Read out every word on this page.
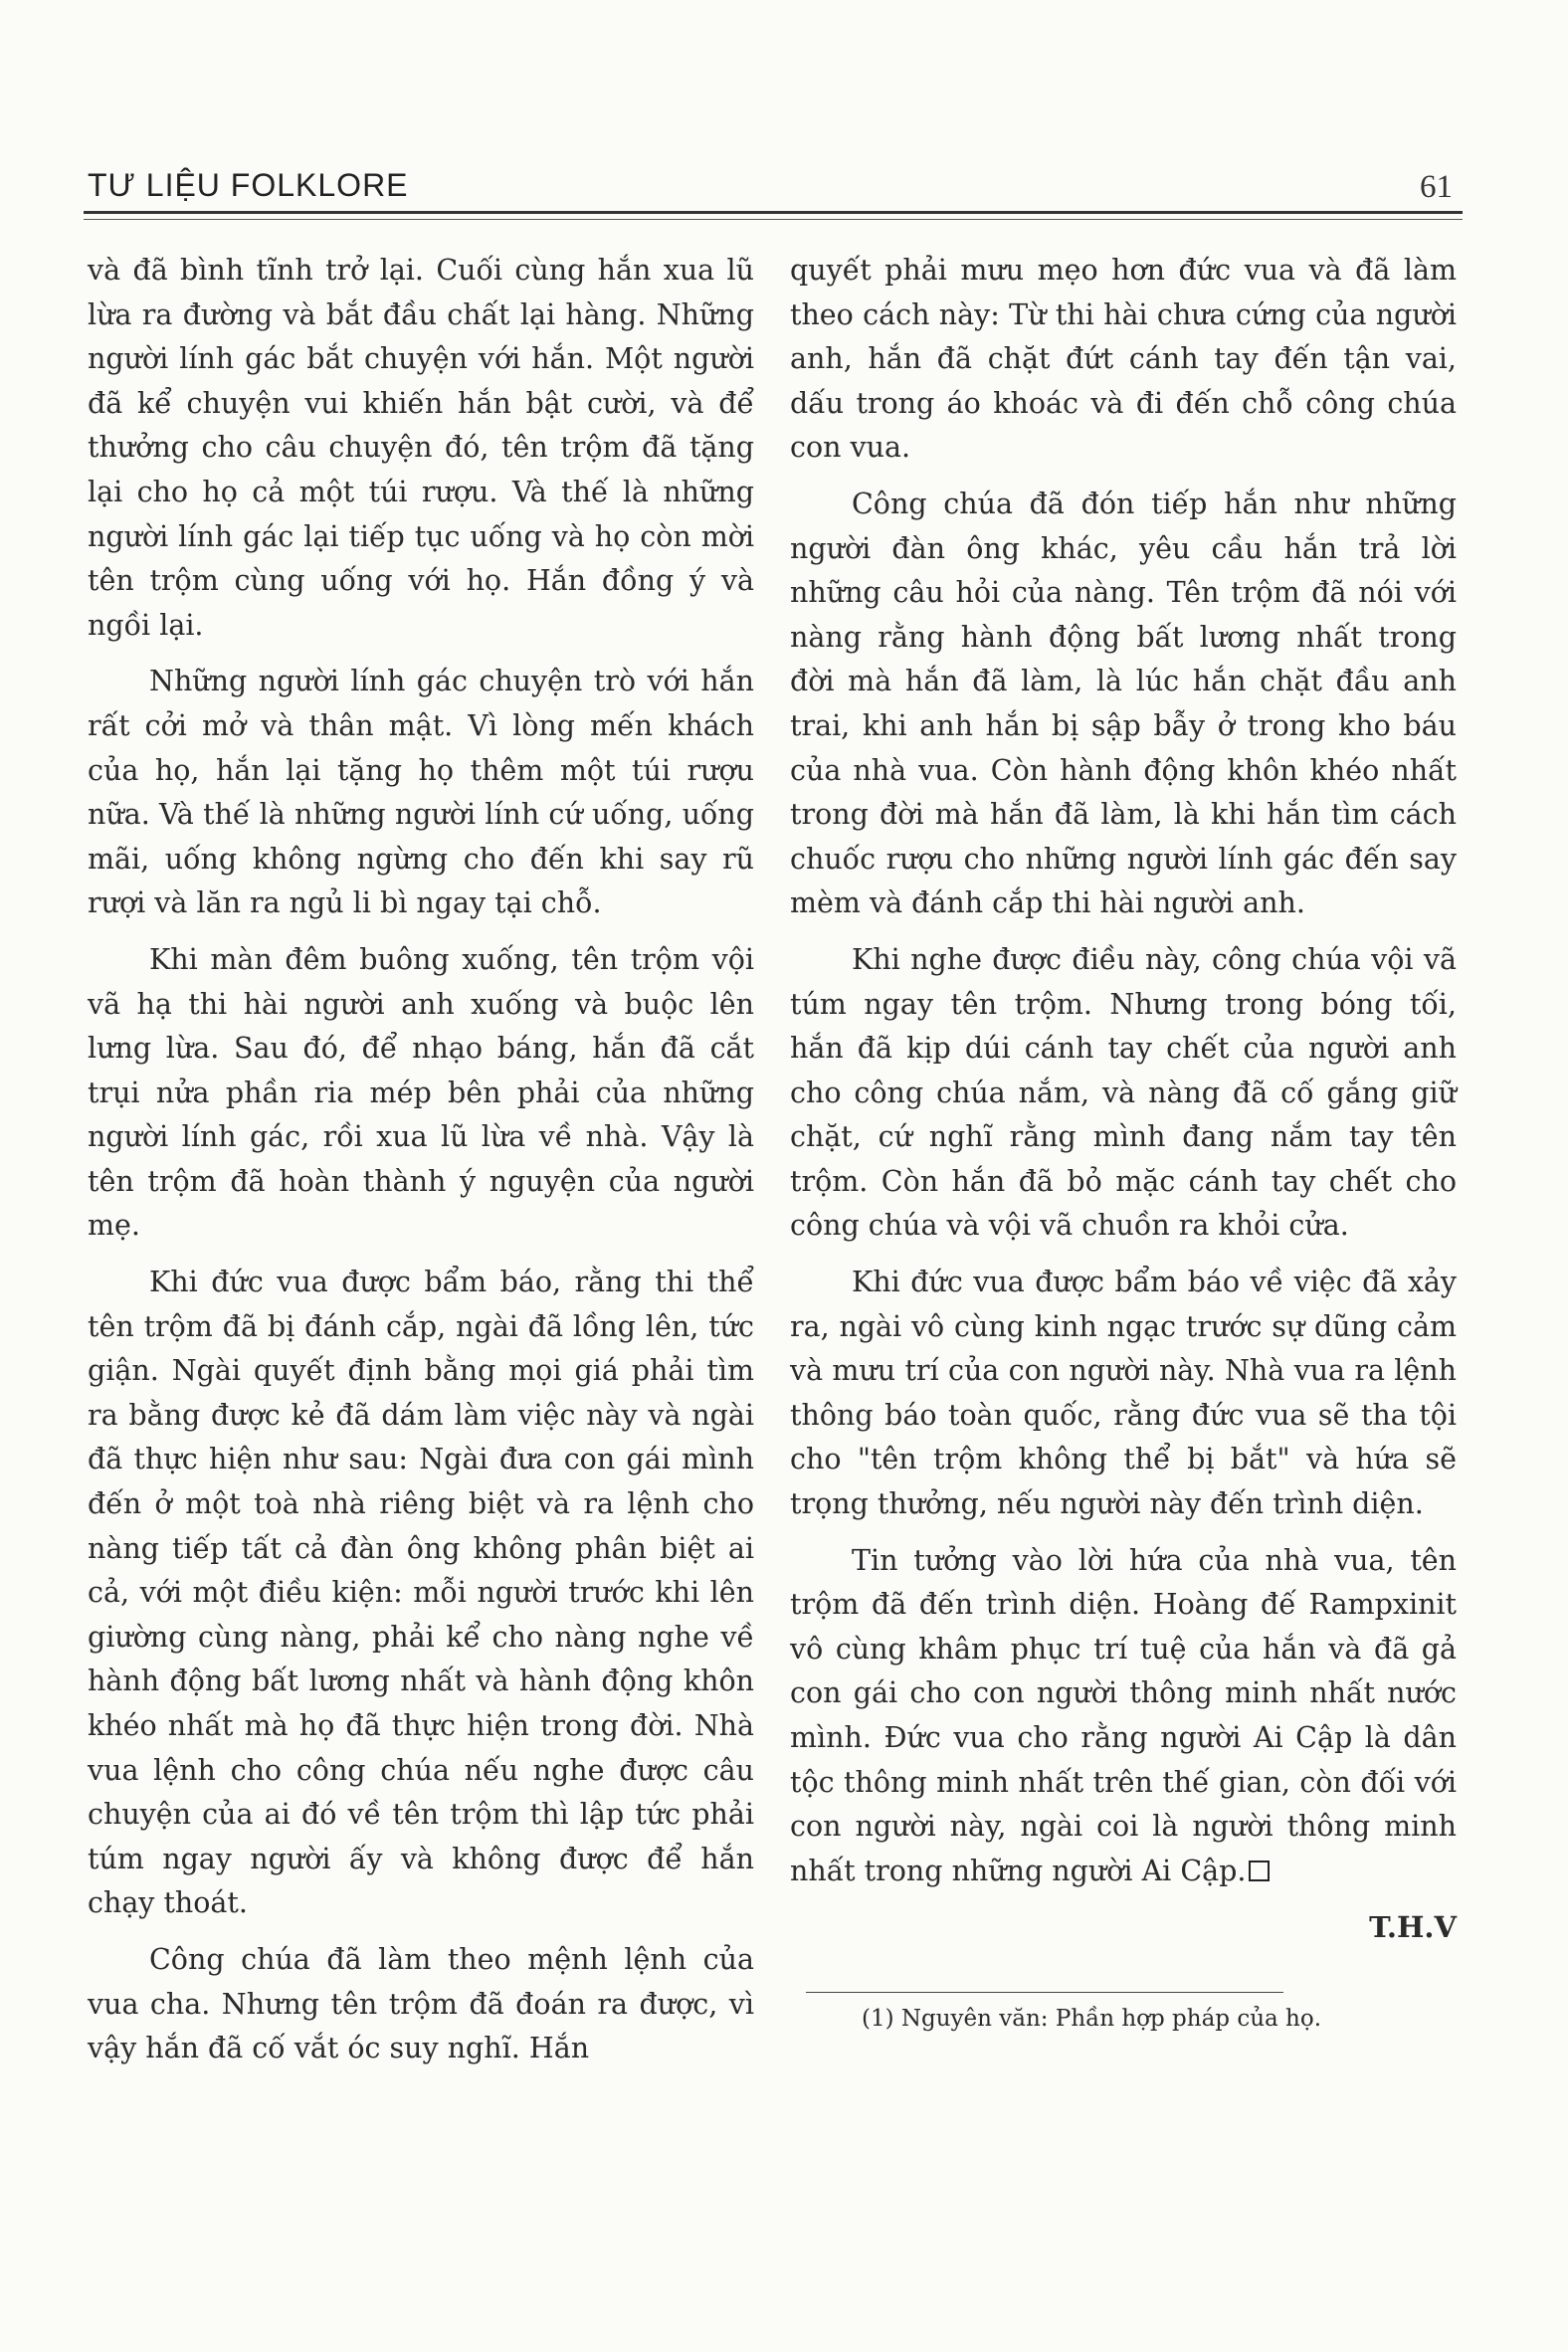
TƯ LIỆU FOLKLORE	61

và đã bình tĩnh trở lại. Cuối cùng hắn xua lũ lừa ra đường và bắt đầu chất lại hàng. Những người lính gác bắt chuyện với hắn. Một người đã kể chuyện vui khiến hắn bật cười, và để thưởng cho câu chuyện đó, tên trộm đã tặng lại cho họ cả một túi rượu. Và thế là những người lính gác lại tiếp tục uống và họ còn mời tên trộm cùng uống với họ. Hắn đồng ý và ngồi lại.

Những người lính gác chuyện trò với hắn rất cởi mở và thân mật. Vì lòng mến khách của họ, hắn lại tặng họ thêm một túi rượu nữa. Và thế là những người lính cứ uống, uống mãi, uống không ngừng cho đến khi say rũ rượi và lăn ra ngủ li bì ngay tại chỗ.

Khi màn đêm buông xuống, tên trộm vội vã hạ thi hài người anh xuống và buộc lên lưng lừa. Sau đó, để nhạo báng, hắn đã cắt trụi nửa phần ria mép bên phải của những người lính gác, rồi xua lũ lừa về nhà. Vậy là tên trộm đã hoàn thành ý nguyện của người mẹ.

Khi đức vua được bẩm báo, rằng thi thể tên trộm đã bị đánh cắp, ngài đã lồng lên, tức giận. Ngài quyết định bằng mọi giá phải tìm ra bằng được kẻ đã dám làm việc này và ngài đã thực hiện như sau: Ngài đưa con gái mình đến ở một toà nhà riêng biệt và ra lệnh cho nàng tiếp tất cả đàn ông không phân biệt ai cả, với một điều kiện: mỗi người trước khi lên giường cùng nàng, phải kể cho nàng nghe về hành động bất lương nhất và hành động khôn khéo nhất mà họ đã thực hiện trong đời. Nhà vua lệnh cho công chúa nếu nghe được câu chuyện của ai đó về tên trộm thì lập tức phải túm ngay người ấy và không được để hắn chạy thoát.

Công chúa đã làm theo mệnh lệnh của vua cha. Nhưng tên trộm đã đoán ra được, vì vậy hắn đã cố vắt óc suy nghĩ. Hắn

quyết phải mưu mẹo hơn đức vua và đã làm theo cách này: Từ thi hài chưa cứng của người anh, hắn đã chặt đứt cánh tay đến tận vai, dấu trong áo khoác và đi đến chỗ công chúa con vua.

Công chúa đã đón tiếp hắn như những người đàn ông khác, yêu cầu hắn trả lời những câu hỏi của nàng. Tên trộm đã nói với nàng rằng hành động bất lương nhất trong đời mà hắn đã làm, là lúc hắn chặt đầu anh trai, khi anh hắn bị sập bẫy ở trong kho báu của nhà vua. Còn hành động khôn khéo nhất trong đời mà hắn đã làm, là khi hắn tìm cách chuốc rượu cho những người lính gác đến say mèm và đánh cắp thi hài người anh.

Khi nghe được điều này, công chúa vội vã túm ngay tên trộm. Nhưng trong bóng tối, hắn đã kịp dúi cánh tay chết của người anh cho công chúa nắm, và nàng đã cố gắng giữ chặt, cứ nghĩ rằng mình đang nắm tay tên trộm. Còn hắn đã bỏ mặc cánh tay chết cho công chúa và vội vã chuồn ra khỏi cửa.

Khi đức vua được bẩm báo về việc đã xảy ra, ngài vô cùng kinh ngạc trước sự dũng cảm và mưu trí của con người này. Nhà vua ra lệnh thông báo toàn quốc, rằng đức vua sẽ tha tội cho "tên trộm không thể bị bắt" và hứa sẽ trọng thưởng, nếu người này đến trình diện.

Tin tưởng vào lời hứa của nhà vua, tên trộm đã đến trình diện. Hoàng đế Rampxinit vô cùng khâm phục trí tuệ của hắn và đã gả con gái cho con người thông minh nhất nước mình. Đức vua cho rằng người Ai Cập là dân tộc thông minh nhất trên thế gian, còn đối với con người này, ngài coi là người thông minh nhất trong những người Ai Cập.

T.H.V
(1) Nguyên văn: Phần hợp pháp của họ.
